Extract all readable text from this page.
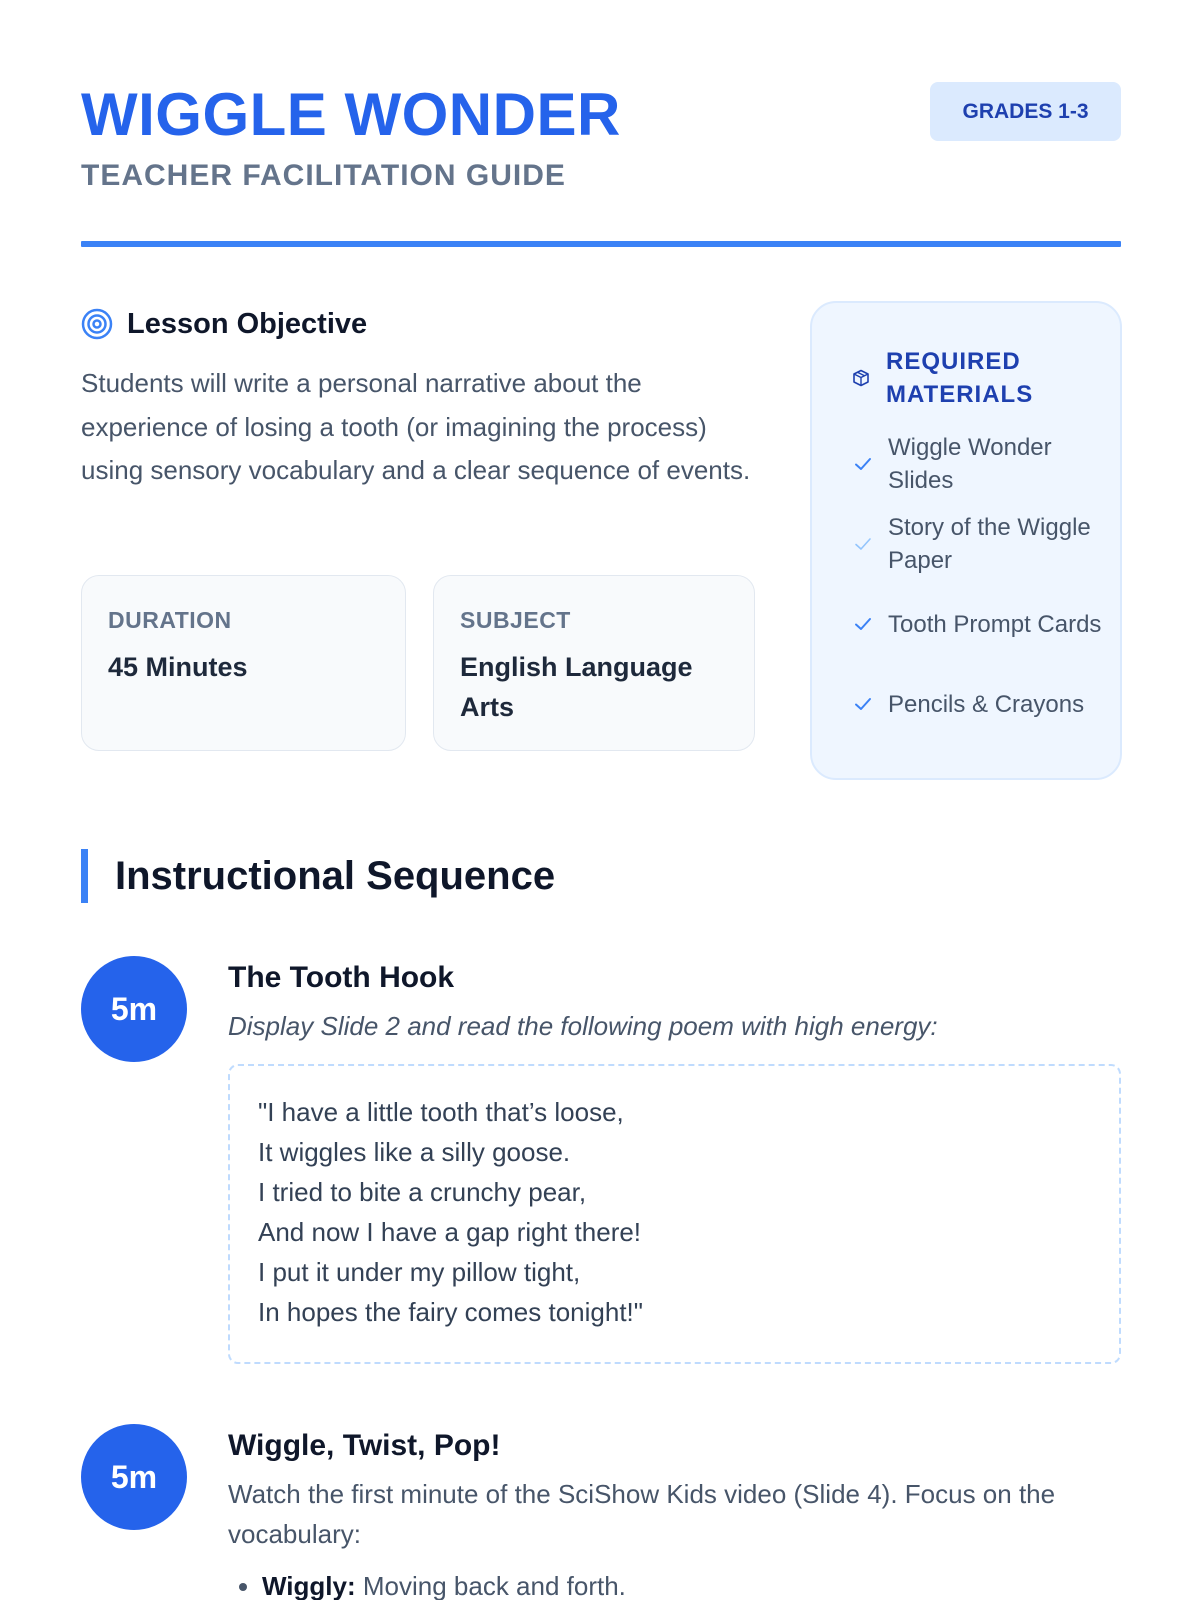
WIGGLE WONDER
TEACHER FACILITATION GUIDE
GRADES 1-3
Lesson Objective

Students will write a personal narrative about the experience of losing a tooth (or imagining the process) using sensory vocabulary and a clear sequence of events.

DURATION
45 Minutes
SUBJECT
English Language Arts
REQUIRED MATERIALS
Wiggle Wonder Slides
Story of the Wiggle Paper
Tooth Prompt Cards
Pencils & Crayons
Instructional Sequence
5m
The Tooth Hook

Display Slide 2 and read the following poem with high energy:

"I have a little tooth that’s loose,
It wiggles like a silly goose.
I tried to bite a crunchy pear,
And now I have a gap right there!
I put it under my pillow tight,
In hopes the fairy comes tonight!"
5m
Wiggle, Twist, Pop!

Watch the first minute of the SciShow Kids video (Slide 4). Focus on the vocabulary:

• Wiggly: Moving back and forth.
